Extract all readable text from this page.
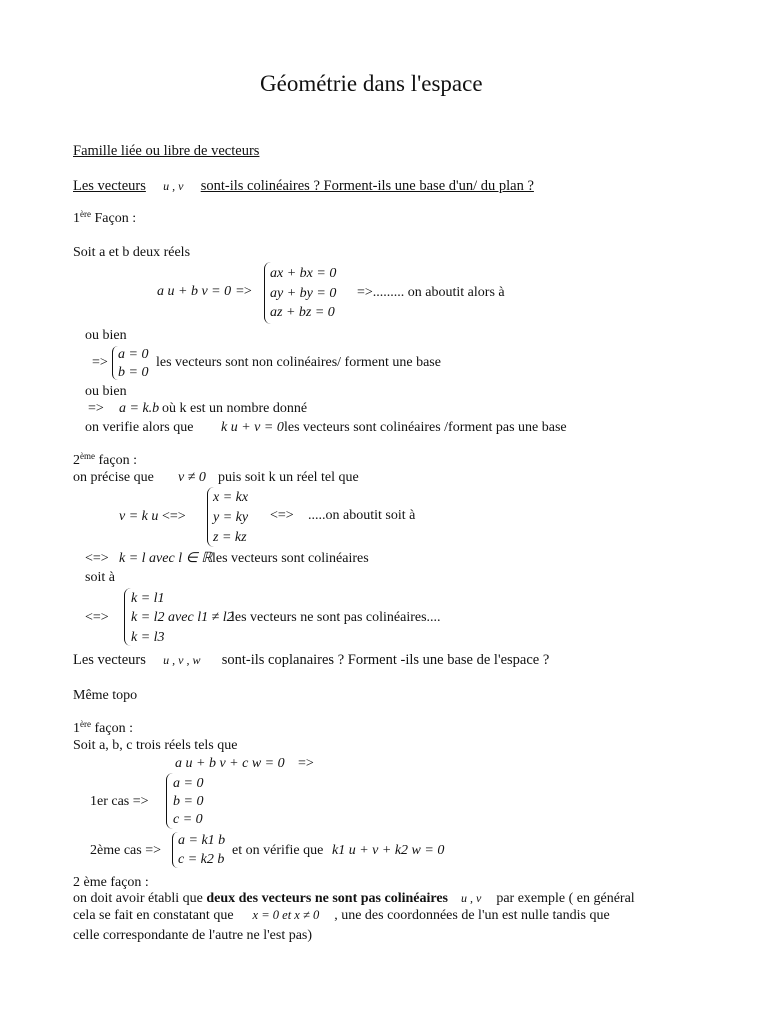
Géométrie dans l'espace
Famille liée ou libre de vecteurs
Les vecteurs u , v sont-ils colinéaires ? Forment-ils une base d'un/ du plan ?
1ère Façon :
Soit a et b deux réels
a u + b v = 0 =>
ax + bx = 0
ay + by = 0
az + bz = 0
=>......... on aboutit alors à
ou bien
=>
a = 0
b = 0
les vecteurs sont non colinéaires/ forment une base
ou bien
=> a = k.b où k est un nombre donné
on verifie alors que k u + v = 0 les vecteurs sont colinéaires /forment pas une base
2ème façon :
on précise que v ≠ 0 puis soit k un réel tel que
v = k u <=>
x = kx
y = ky
z = kz
<=> .....on aboutit soit à
<=> k = l avec l ∈ ℝ les vecteurs sont colinéaires
soit à
<=>
k = l1
k = l2 avec l1 ≠ l2
k = l3
les vecteurs ne sont pas colinéaires....
Les vecteurs u , v , w sont-ils coplanaires ? Forment -ils une base de l'espace ?
Même topo
1ère façon :
Soit a, b, c trois réels tels que
a u + b v + c w = 0 =>
1er cas =>
a = 0
b = 0
c = 0
2ème cas =>
a = k1 b
c = k2 b
et on vérifie que k1 u + v + k2 w = 0
2 ème façon :
on doit avoir établi que deux des vecteurs ne sont pas colinéaires u , v par exemple ( en général
cela se fait en constatant que x = 0 et x ≠ 0 , une des coordonnées de l'un est nulle tandis que
celle correspondante de l'autre ne l'est pas)
